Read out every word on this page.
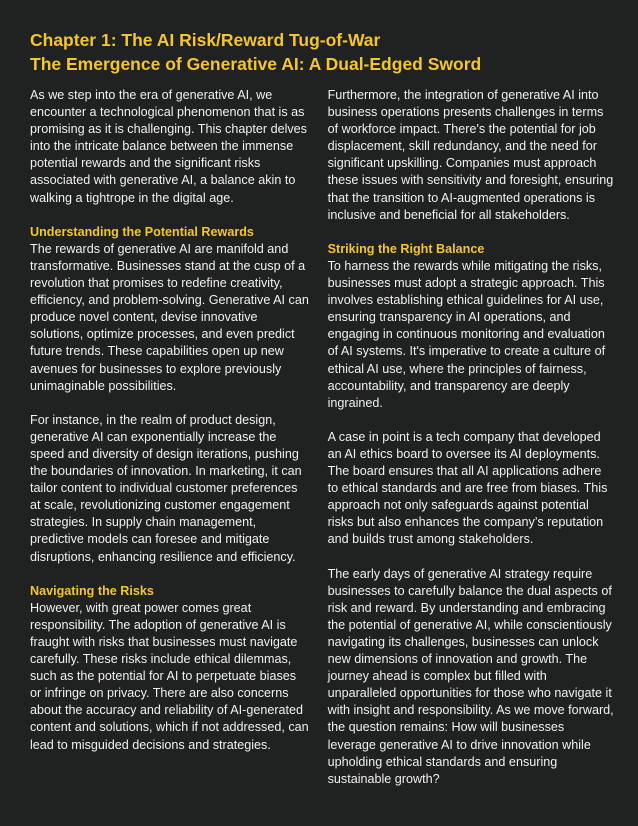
Chapter 1: The AI Risk/Reward Tug-of-War
The Emergence of Generative AI: A Dual-Edged Sword

As we step into the era of generative AI, we encounter a technological phenomenon that is as promising as it is challenging. This chapter delves into the intricate balance between the immense potential rewards and the significant risks associated with generative AI, a balance akin to walking a tightrope in the digital age.

Understanding the Potential Rewards

The rewards of generative AI are manifold and transformative. Businesses stand at the cusp of a revolution that promises to redefine creativity, efficiency, and problem-solving. Generative AI can produce novel content, devise innovative solutions, optimize processes, and even predict future trends. These capabilities open up new avenues for businesses to explore previously unimaginable possibilities.

For instance, in the realm of product design, generative AI can exponentially increase the speed and diversity of design iterations, pushing the boundaries of innovation. In marketing, it can tailor content to individual customer preferences at scale, revolutionizing customer engagement strategies. In supply chain management, predictive models can foresee and mitigate disruptions, enhancing resilience and efficiency.

Navigating the Risks

However, with great power comes great responsibility. The adoption of generative AI is fraught with risks that businesses must navigate carefully. These risks include ethical dilemmas, such as the potential for AI to perpetuate biases or infringe on privacy. There are also concerns about the accuracy and reliability of AI-generated content and solutions, which if not addressed, can lead to misguided decisions and strategies.

Furthermore, the integration of generative AI into business operations presents challenges in terms of workforce impact. There's the potential for job displacement, skill redundancy, and the need for significant upskilling. Companies must approach these issues with sensitivity and foresight, ensuring that the transition to AI-augmented operations is inclusive and beneficial for all stakeholders.

Striking the Right Balance

To harness the rewards while mitigating the risks, businesses must adopt a strategic approach. This involves establishing ethical guidelines for AI use, ensuring transparency in AI operations, and engaging in continuous monitoring and evaluation of AI systems. It's imperative to create a culture of ethical AI use, where the principles of fairness, accountability, and transparency are deeply ingrained.

A case in point is a tech company that developed an AI ethics board to oversee its AI deployments. The board ensures that all AI applications adhere to ethical standards and are free from biases. This approach not only safeguards against potential risks but also enhances the company’s reputation and builds trust among stakeholders.

The early days of generative AI strategy require businesses to carefully balance the dual aspects of risk and reward. By understanding and embracing the potential of generative AI, while conscientiously navigating its challenges, businesses can unlock new dimensions of innovation and growth. The journey ahead is complex but filled with unparalleled opportunities for those who navigate it with insight and responsibility. As we move forward, the question remains: How will businesses leverage generative AI to drive innovation while upholding ethical standards and ensuring sustainable growth?
